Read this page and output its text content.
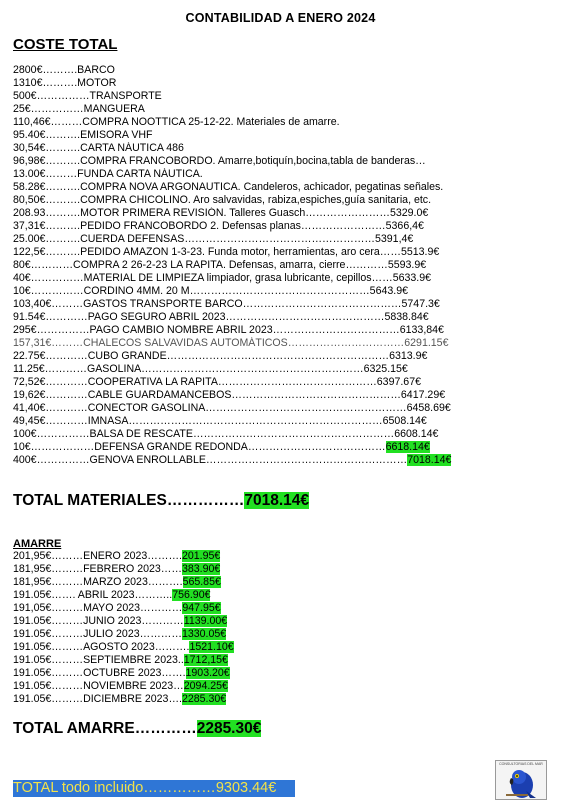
CONTABILIDAD A ENERO 2024
COSTE TOTAL
2800€……….BARCO
1310€……….MOTOR
500€……………TRANSPORTE
25€……………MANGUERA
110,46€………COMPRA NOOTTICA 25-12-22. Materiales de amarre.
95.40€……….EMISORA VHF
30,54€……….CARTA NÁUTICA 486
96,98€……….COMPRA FRANCOBORDO. Amarre,botiquín,bocina,tabla de banderas…
13.00€………FUNDA CARTA NÁUTICA.
58.28€……….COMPRA NOVA ARGONAUTICA. Candeleros, achicador, pegatinas señales.
80,50€……….COMPRA CHICOLINO. Aro salvavidas, rabiza,espiches,guía sanitaria, etc.
208.93……….MOTOR PRIMERA REVISIÓN. Talleres Guasch……………………5329.0€
37,31€……….PEDIDO FRANCOBORDO 2. Defensas planas……………………5366,4€
25.00€……….CUERDA DEFENSAS………………………………………………5391,4€
122,5€……….PEDIDO AMAZON 1-3-23. Funda motor, herramientas, aro cera……5513.9€
80€…………COMPRA 2 26-2-23 LA RAPITA. Defensas, amarra, cierre…………5593.9€
40€……………MATERIAL DE LIMPIEZA limpiador, grasa lubricante, cepillos……5633.9€
10€……………CORDINO 4MM. 20 M……………………………………………5643.9€
103,40€………GASTOS TRANSPORTE BARCO………………………………………5747.3€
91.54€…………PAGO SEGURO ABRIL 2023………………………………………5838.84€
295€……………PAGO CAMBIO NOMBRE ABRIL 2023………………………………6133,84€
157,31€………CHALECOS SALVAVIDAS AUTOMÁTICOS……………………………6291.15€
22.75€…………CUBO GRANDE………………………………………………………6313.9€
11.25€…………GASOLINA………………………………………………………6325.15€
72,52€…………COOPERATIVA LA RAPITA………………………………………6397.67€
19,62€…………CABLE GUARDAMANCEBOS…………………………………………6417.29€
41,40€…………CONECTOR GASOLINA…………………………………………………6458.69€
49,45€…………IMNASA………………………………………………………………6508.14€
100€……………BALSA DE RESCATE…………………………………………………6608.14€
10€………………DEFENSA GRANDE REDONDA…………………………………6618.14€
400€……………GENOVA ENROLLABLE…………………………………………………7018.14€
TOTAL MATERIALES……………7018.14€
AMARRE
201,95€………ENERO 2023……….201.95€
181,95€………FEBRERO 2023……383.90€
181,95€………MARZO 2023……….565.85€
191.05€……. ABRIL 2023………..756.90€
191,05€………MAYO 2023…………947.95€
191.05€………JUNIO 2023…………1139.00€
191.05€………JULIO 2023…………1330.05€
191.05€………AGOSTO 2023……….1521.10€
191.05€………SEPTIEMBRE 2023..1712,15€
191.05€………OCTUBRE 2023…….1903.20€
191.05€………NOVIEMBRE 2023…2094.25€
191.05€………DICIEMBRE 2023….2285.30€
TOTAL AMARRE…………2285.30€
TOTAL todo incluido……………9303.44€
CONSULTORIAS DEL MAR
